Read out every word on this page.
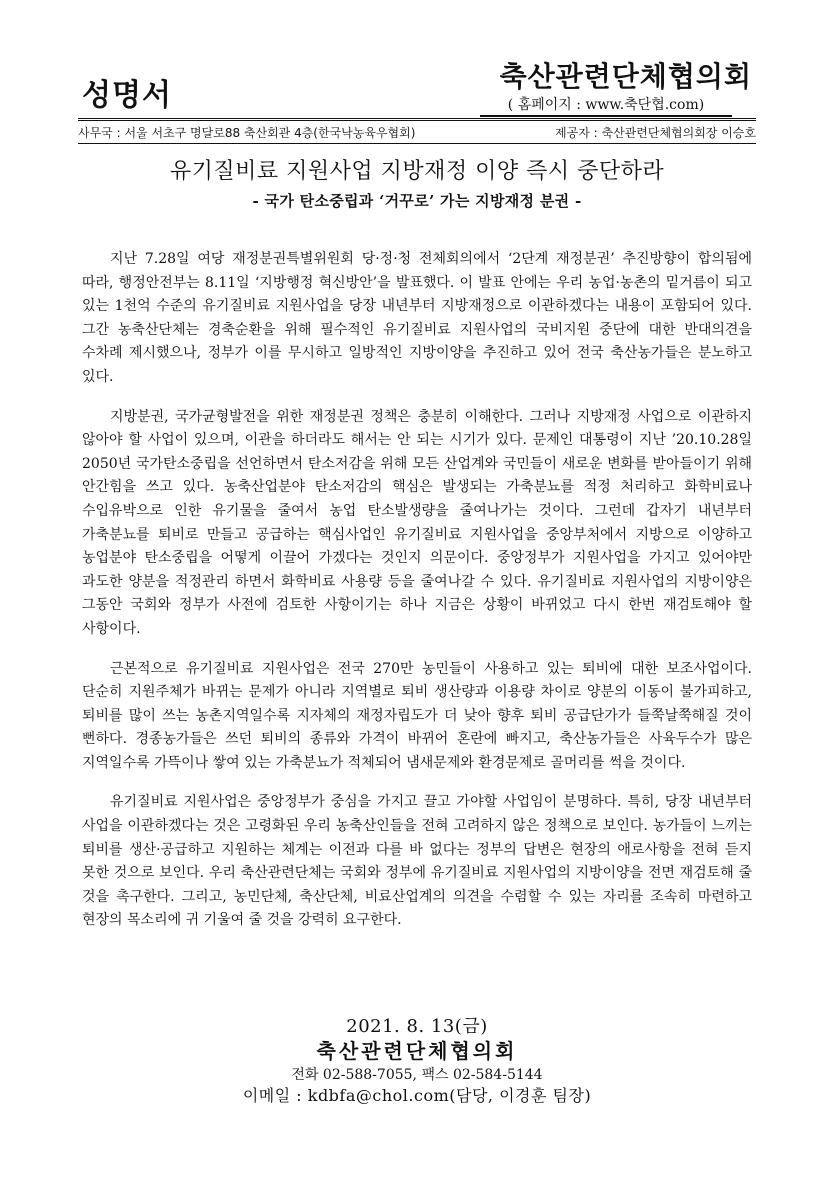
성명서
축산관련단체협의회
( 홈페이지 : www.축단협.com)
사무국 : 서울 서초구 명달로88 축산회관 4층(한국낙농육우협회)	제공자 : 축산관련단체협의회장 이승호
유기질비료 지원사업 지방재정 이양 즉시 중단하라
- 국가 탄소중립과 ‘거꾸로’ 가는 지방재정 분권 -

지난 7.28일 여당 재정분권특별위원회 당·정·청 전체회의에서 ‘2단계 재정분권’ 추진방향이 합의됨에 따라, 행정안전부는 8.11일 ‘지방행정 혁신방안’을 발표했다. 이 발표 안에는 우리 농업·농촌의 밑거름이 되고 있는 1천억 수준의 유기질비료 지원사업을 당장 내년부터 지방재정으로 이관하겠다는 내용이 포함되어 있다. 그간 농축산단체는 경축순환을 위해 필수적인 유기질비료 지원사업의 국비지원 중단에 대한 반대의견을 수차례 제시했으나, 정부가 이를 무시하고 일방적인 지방이양을 추진하고 있어 전국 축산농가들은 분노하고 있다.

지방분권, 국가균형발전을 위한 재정분권 정책은 충분히 이해한다. 그러나 지방재정 사업으로 이관하지 않아야 할 사업이 있으며, 이관을 하더라도 해서는 안 되는 시기가 있다. 문제인 대통령이 지난 ’20.10.28일 2050년 국가탄소중립을 선언하면서 탄소저감을 위해 모든 산업계와 국민들이 새로운 변화를 받아들이기 위해 안간힘을 쓰고 있다. 농축산업분야 탄소저감의 핵심은 발생되는 가축분뇨를 적정 처리하고 화학비료나 수입유박으로 인한 유기물을 줄여서 농업 탄소발생량을 줄여나가는 것이다. 그런데 갑자기 내년부터 가축분뇨를 퇴비로 만들고 공급하는 핵심사업인 유기질비료 지원사업을 중앙부처에서 지방으로 이양하고 농업분야 탄소중립을 어떻게 이끌어 가겠다는 것인지 의문이다. 중앙정부가 지원사업을 가지고 있어야만 과도한 양분을 적정관리 하면서 화학비료 사용량 등을 줄여나갈 수 있다. 유기질비료 지원사업의 지방이양은 그동안 국회와 정부가 사전에 검토한 사항이기는 하나 지금은 상황이 바뀌었고 다시 한번 재검토해야 할 사항이다.

근본적으로 유기질비료 지원사업은 전국 270만 농민들이 사용하고 있는 퇴비에 대한 보조사업이다. 단순히 지원주체가 바뀌는 문제가 아니라 지역별로 퇴비 생산량과 이용량 차이로 양분의 이동이 불가피하고, 퇴비를 많이 쓰는 농촌지역일수록 지자체의 재정자립도가 더 낮아 향후 퇴비 공급단가가 들쭉날쭉해질 것이 뻔하다. 경종농가들은 쓰던 퇴비의 종류와 가격이 바뀌어 혼란에 빠지고, 축산농가들은 사육두수가 많은 지역일수록 가뜩이나 쌓여 있는 가축분뇨가 적체되어 냄새문제와 환경문제로 골머리를 썩을 것이다.

유기질비료 지원사업은 중앙정부가 중심을 가지고 끌고 가야할 사업임이 분명하다. 특히, 당장 내년부터 사업을 이관하겠다는 것은 고령화된 우리 농축산인들을 전혀 고려하지 않은 정책으로 보인다. 농가들이 느끼는 퇴비를 생산·공급하고 지원하는 체계는 이전과 다를 바 없다는 정부의 답변은 현장의 애로사항을 전혀 듣지 못한 것으로 보인다. 우리 축산관련단체는 국회와 정부에 유기질비료 지원사업의 지방이양을 전면 재검토해 줄 것을 촉구한다. 그리고, 농민단체, 축산단체, 비료산업계의 의견을 수렴할 수 있는 자리를 조속히 마련하고 현장의 목소리에 귀 기울여 줄 것을 강력히 요구한다.

2021. 8. 13(금)
축산관련단체협의회
전화 02-588-7055, 팩스 02-584-5144
이메일 : kdbfa@chol.com(담당, 이경훈 팀장)
